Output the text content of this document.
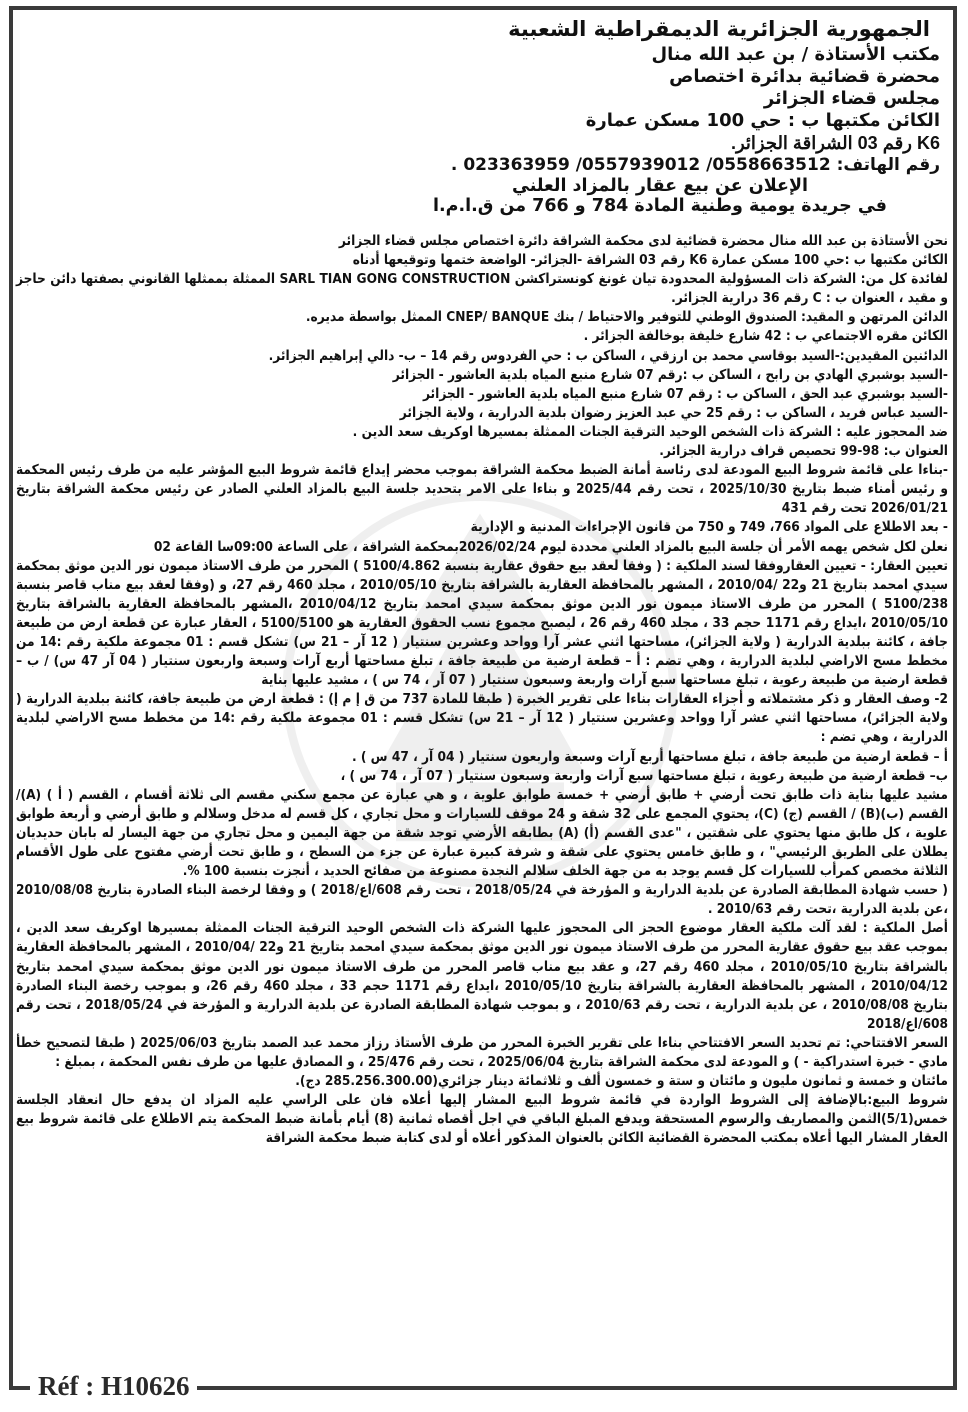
الجمهورية الجزائرية الديمقراطية الشعبية
مكتب الأستاذة / بن عبد الله منال
محضرة قضائية بدائرة اختصاص
مجلس قضاء الجزائر
الكائن مكتبها ب : حي 100 مسكن عمارة
K6 رقم 03 الشراقة الجزائر.
رقم الهاتف: 0558663512/ 0557939012/ 023363959 .
الإعلان عن بيع عقار بالمزاد العلني
في جريدة يومية وطنية المادة 784 و 766 من ق.ا.م.ا

نحن الأستاذة بن عبد الله منال محضرة قضائية لدى محكمة الشراقة دائرة اختصاص مجلس قضاء الجزائر

الكائن مكتبها ب :حي 100 مسكن عمارة K6 رقم 03 الشراقة -الجزائر- الواضعة ختمها وتوقيعها أدناه

لفائدة كل من: الشركة ذات المسؤولية المحدودة تيان غونغ كونستراكشن SARL TIAN GONG CONSTRUCTION الممثلة بممثلها القانوني بصفتها دائن حاجز و مقيد ، العنوان ب : C رقم 36 درارية الجزائر.

الدائن المرتهن و المقيد: الصندوق الوطني للتوفير والاحتياط / بنك CNEP/ BANQUE الممثل بواسطة مديره.

الكائن مقره الاجتماعي ب : 42 شارع خليفة بوخالفة الجزائر .

الدائنين المقيدين:-السيد بوقاسي محمد بن ارزقي ، الساكن ب : حي الفردوس رقم 14 – ب- دالي إبراهيم الجزائر.

-السيد بوشبري الهادي بن رابح ، الساكن ب :رقم 07 شارع منبع المياه بلدية العاشور - الجزائر

-السيد بوشبري عبد الحق ، الساكن ب : رقم 07 شارع منبع المياه بلدية العاشور - الجزائر

-السيد عباس فريد ، الساكن ب : رقم 25 حي عبد العزيز رضوان بلدية الدرارية ، ولاية الجزائر

ضد المحجوز عليه : الشركة ذات الشخص الوحيد الترقية الجنات الممثلة بمسيرها اوكريف سعد الدين .

العنوان ب: 98-99 تحصيص قراف درارية الجزائر.

-بناءا على قائمة شروط البيع المودعة لدى رئاسة أمانة الضبط محكمة الشراقة بموجب محضر إيداع قائمة شروط البيع المؤشر عليه من طرف رئيس المحكمة و رئيس أمناء ضبط بتاريخ 2025/10/30 ، تحت رقم 2025/44 و بناءا على الامر بتحديد جلسة البيع بالمزاد العلني الصادر عن رئيس محكمة الشراقة بتاريخ 2026/01/21 تحت رقم 431

- بعد الاطلاع على المواد 766، 749 و 750 من قانون الإجراءات المدنية و الإدارية

نعلن لكل شخص يهمه الأمر أن جلسة البيع بالمزاد العلني محددة ليوم 2026/02/24بمحكمة الشراقة ، على الساعة 09:00سا القاعة 02

تعيين العقار: - تعيين العقاروفقا لسند الملكية : ( وفقا لعقد بيع حقوق عقارية بنسبة 5100/4.862 ) المحرر من طرف الاستاذ ميمون نور الدين موثق بمحكمة سيدي امحمد بتاريخ 21 و22 /2010/04 ، المشهر بالمحافظة العقارية بالشراقة بتاريخ 2010/05/10 ، مجلد 460 رقم 27، و (وفقا لعقد بيع مناب قاصر بنسبة 5100/238 ) المحرر من طرف الاستاذ ميمون نور الدين موثق بمحكمة سيدي امحمد بتاريخ 2010/04/12 ،المشهر بالمحافظة العقارية بالشراقة بتاريخ 2010/05/10 ،ايداع رقم 1171 حجم 33 ، مجلد 460 رقم 26 ، ليصبح مجموع نسب الحقوق العقارية هو 5100/5100 ، العقار عبارة عن قطعة ارض من طبيعة جافة ، كائنة ببلدية الدرارية ( ولاية الجزائر)، مساحتها اثني عشر آرا وواحد وعشرين سنتيار ( 12 آر – 21 س) تشكل قسم : 01 مجموعة ملكية رقم :14 من مخطط مسح الاراضي لبلدية الدرارية ، وهي تضم : أ – قطعة ارضية من طبيعة جافة ، تبلغ مساحتها أربع آرات وسبعة واربعون سنتيار ( 04 آر 47 س) / ب –قطعة ارضية من طبيعة رعوية ، تبلغ مساحتها سبع آرات واربعة وسبعون سنتيار ( 07 آر ، 74 س ) ، مشيد عليها بناية

2- وصف العقار و ذكر مشتملاته و أجزاء العقارات بناءا على تقرير الخبرة ( طبقا للمادة 737 من ق إ م إ) : قطعة ارض من طبيعة جافة، كائنة ببلدية الدرارية ( ولاية الجزائر)، مساحتها اثني عشر آرا وواحد وعشرين سنتيار ( 12 آر – 21 س) تشكل قسم : 01 مجموعة ملكية رقم :14 من مخطط مسح الاراضي لبلدية الدرارية ، وهي تضم :

أ – قطعة ارضية من طبيعة جافة ، تبلغ مساحتها أربع آرات وسبعة واربعون سنتيار ( 04 آر ، 47 س ) .

ب– قطعة ارضية من طبيعة رعوية ، تبلغ مساحتها سبع آرات واربعة وسبعون سنتيار ( 07 آر ، 74 س ) ،

مشيد عليها بناية ذات طابق تحت أرضي + طابق أرضي + خمسة طوابق علوية ، و هي عبارة عن مجمع سكني مقسم الى ثلاثة أقسام ، القسم ( أ ) (A)/ القسم (ب)(B) / القسم (ج) (C)، يحتوي المجمع على 32 شقة و 24 موقف للسيارات و محل تجاري ، كل قسم له مدخل وسلالم و طابق أرضي و أربعة طوابق علوية ، كل طابق منها يحتوي على شقتين ، "عدى القسم (أ) (A) بطابقه الأرضي توجد شقة من جهة اليمين و محل تجاري من جهة اليسار له بابان حديديان يطلان على الطريق الرئيسي" ، و طابق خامس يحتوي على شقة و شرفة كبيرة عبارة عن جزء من السطح ، و طابق تحت أرضي مفتوح على طول الأقسام الثلاثة مخصص كمرأب للسيارات كل قسم يوجد به من جهة الخلف سلالم النجدة مصنوعة من صفائح الحديد ، أنجزت بنسبة 100 %.

( حسب شهادة المطابقة الصادرة عن بلدية الدرارية و المؤرخة في 2018/05/24 ، تحت رقم 608/اع/2018 ) و وفقا لرخصة البناء الصادرة بتاريخ 2010/08/08 ،عن بلدية الدرارية ،تحت رقم 2010/63 .

أصل الملكية : لقد آلت ملكية العقار موضوع الحجز الى المحجوز عليها الشركة ذات الشخص الوحيد الترقية الجنات الممثلة بمسيرها اوكريف سعد الدين ، بموجب عقد بيع حقوق عقارية المحرر من طرف الاستاذ ميمون نور الدين موثق بمحكمة سيدي امحمد بتاريخ 21 و22 /2010/04 ، المشهر بالمحافظة العقارية بالشراقة بتاريخ 2010/05/10 ، مجلد 460 رقم 27، و عقد بيع مناب قاصر المحرر من طرف الاستاذ ميمون نور الدين موثق بمحكمة سيدي امحمد بتاريخ 2010/04/12 ، المشهر بالمحافظة العقارية بالشراقة بتاريخ 2010/05/10 ،ايداع رقم 1171 حجم 33 ، مجلد 460 رقم 26، و بموجب رخصة البناء الصادرة بتاريخ 2010/08/08 ، عن بلدية الدرارية ، تحت رقم 2010/63 ، و بموجب شهادة المطابقة الصادرة عن بلدية الدرارية و المؤرخة في 2018/05/24 ، تحت رقم 608/اع/2018

السعر الافتتاحي: تم تحديد السعر الافتتاحي بناءا على تقرير الخبرة المحرر من طرف الأستاذ رزاز محمد عبد الصمد بتاريخ 2025/06/03 ( طبقا لتصحيح خطأ مادي - خبرة استدراكية - ) و المودعة لدى محكمة الشراقة بتاريخ 2025/06/04 ، تحت رقم 25/476 ، و المصادق عليها من طرف نفس المحكمة ، بمبلغ :

مائتان و خمسة و ثمانون مليون و مائتان و ستة و خمسون ألف و ثلاثمائة دينار جزائري(285.256.300.00 دج).

شروط البيع:بالإضافة إلى الشروط الواردة في قائمة شروط البيع المشار إليها أعلاه فان على الراسي عليه المزاد ان يدفع حال انعقاد الجلسة خمس(5/1)الثمن والمصاريف والرسوم المستحقة ويدفع المبلغ الباقي في اجل أقصاه ثمانية (8) أيام بأمانة ضبط المحكمة يتم الاطلاع على قائمة شروط بيع العقار المشار اليها أعلاه بمكتب المحضرة القضائية الكائن بالعنوان المذكور أعلاه أو لدى كتابة ضبط محكمة الشراقة

Réf : H10626
